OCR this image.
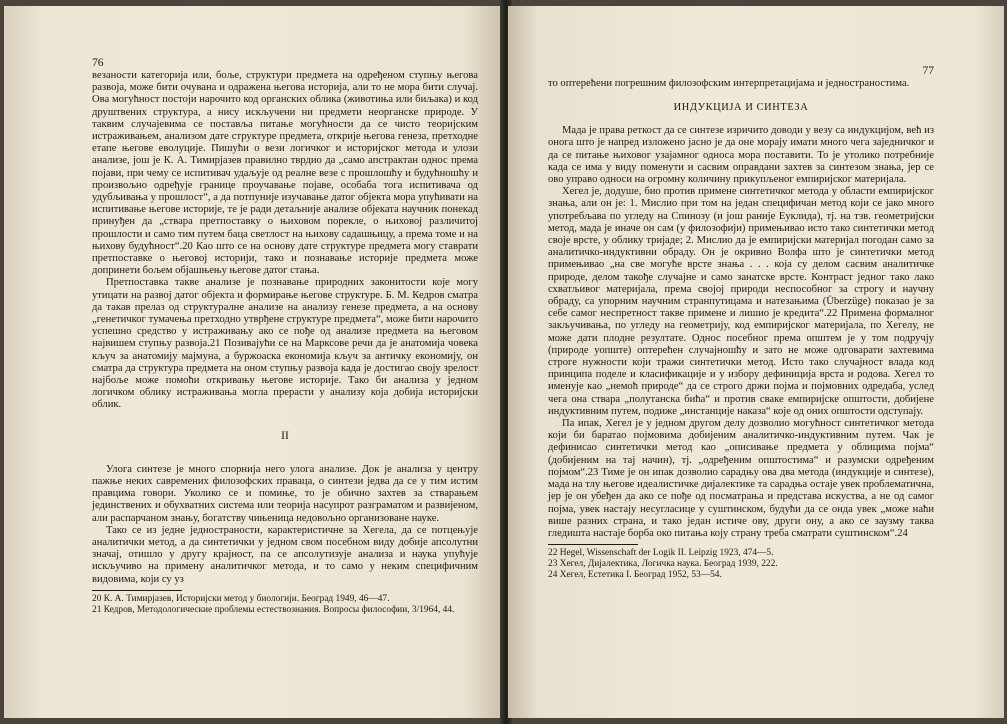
76

везаности категорија или, боље, структури предмета на одређеном ступњу његова развоја, може бити очувана и одражена његова историја, али то не мора бити случај. Ова могућност постоји нарочито код органских облика (животиња или биљака) и код друштвених структура, а нису искључени ни предмети неорганске природе. У таквим случајевима се поставља питање могућности да се чисто теоријским истраживањем, анализом дате структуре предмета, открије његова генеза, претходне етапе његове еволуције. Пишући о вези логичког и историјског метода и улози анализе, још је К. А. Тимирјазев правилно тврдио да „само апстрактан однос према појави, при чему се испитивач удаљује од реалне везе с прошлошћу и будућношћу и произвољно одређује границе проучавање појаве, особаба тога испитивача од удубљивања у прошлост“, а да потпуније изучавање датог објекта мора упућивати на испитивање његове историје, те је ради детаљније анализе објеката научник понекад принуђен да „ствара претпоставку о њиховом порекле, о њиховој различитој прошлости и само тим путем баца светлост на њихову садашњицу, а према томе и на њихову будућност“.20 Као што се на основу дате структуре предмета могу ставрати претпоставке о његовој историји, тако и познавање историје предмета може допринети бољем објашњењу његове датог стања.

Претпоставка такве анализе је познавање природних законитости које могу утицати на развој датог објекта и формирање његове структуре. Б. М. Кедров сматра да такав прелаз од структуралне анализе на анализу генезе предмета, а на основу „генетичког тумачења претходно утврђене структуре предмета“, може бити нарочито успешно средство у истраживању ако се пође од анализе предмета на његовом највишем ступњу развоја.21 Позивајући се на Марксове речи да је анатомија човека кључ за анатомију мајмуна, а буржоаска економија кључ за античку економију, он сматра да структура предмета на оном ступњу развоја када је достигао своју зрелост најбоље може помоћи откривању његове историје. Тако би анализа у једном логичком облику истраживања могла прерасти у анализу која добија историјски облик.

II

Улога синтезе је много спорнија него улога анализе. Док је анализа у центру пажње неких савремених филозофских праваца, о синтези једва да се у тим истим правцима говори. Уколико се и помиње, то је обично захтев за стварањем јединствених и обухватних система или теорија насупрот разграматом и развијеном, али распарчаном знању, богатству чињеница недовољно организоване науке.

Тако се из једне једностраности, карактеристичне за Хегела, да се потцењује аналитички метод, а да синтетички у једном свом посебном виду добије апсолутни значај, отишло у другу крајност, па се апсолутизује анализа и наука упућује искључиво на примену аналитичког метода, и то само у неким специфичним видовима, који су уз

20 К. А. Тимирјазев, Историјски метод у биологији. Београд 1949, 46—47.

21 Кедров, Методологические проблемы естествознания. Вопросы философии, 3/1964, 44.

77

то оптерећени погрешним филозофским интерпретацијама и једностраностима.

ИНДУКЦИЈА И СИНТЕЗА

Мада је права реткост да се синтезе изричито доводи у везу са индукцијом, већ из онога што је напред изложено јасно је да оне морају имати много чега заједничког и да се питање њиховог узајамног односа мора поставити. То је утолико потребније када се има у виду поменути и сасвим оправдани захтев за синтезом знања, јер се ово управо односи на огромну количину прикупљеног емпиријског материјала.

Хегел је, додуше, био против примене синтетичког метода у области емпиријског знања, али он је: 1. Мислио при том на један специфичан метод који се јако много употребљава по угледу на Спинозу (и још раније Еуклида), тј. на тзв. геометријски метод, мада је иначе он сам (у филозофији) примењивао исто тако синтетички метод своје врсте, у облику тријаде; 2. Мислио да је емпиријски материјал погодан само за аналитичко-индуктивни обраду. Он је окривио Волфа што је синтетички метод примењивао „на све могуће врсте знања . . . која су делом сасвим аналитичке природе, делом такође случајне и само занатске врсте. Контраст једног тако лако схватљивог материјала, према својој природи неспособног за строгу и научну обраду, са упорним научним странпутицама и натезањима (Überzüge) показао је за себе самог неспретност такве примене и лишио је кредита“.22 Примена формалног закључивања, по угледу на геометрију, код емпиријског материјала, по Хегелу, не може дати плодне резултате. Однос посебног према општем је у том подручју (природе уопште) оптерећен случајношћу и зато не може одговарати захтевима строге нужности који тражи синтетички метод. Исто тако случајност влада код принципа поделе и класификације и у избору дефиниција врста и родова. Хегел то именује као „немоћ природе“ да се строго држи појма и појмовних одредаба, услед чега она ствара „полутанска бића“ и против сваке емпиријске општости, добијене индуктивним путем, подиже „инстанције наказа“ које од оних општости одступају.

Па ипак, Хегел је у једном другом делу дозволио могућност синтетичког метода који би баратао појмовима добијеним аналитичко-индуктивним путем. Чак је дефинисао синтетички метод као „описивање предмета у облицима појма“ (добијеним на тај начин), тј. „одређеним општостима“ и разумски одређеним појмом“.23 Тиме је он ипак дозволио сарадњу ова два метода (индукције и синтезе), мада на тлу његове идеалистичке дијалектике та сарадња остаје увек проблематична, јер је он убеђен да ако се пође од посматрања и представа искуства, а не од самог појма, увек настају несугласице у суштинском, будући да се онда увек „може наћи више разних страна, и тако један истиче ову, други ону, а ако се заузму таква гледишта настаје борба око питања коју страну треба сматрати суштинском“.24

22 Hegel, Wissenschaft der Logik II. Leipzig 1923, 474—5.

23 Хегел, Дијалектика, Логичка наука. Београд 1939, 222.

24 Хегел, Естетика I. Београд 1952, 53—54.
